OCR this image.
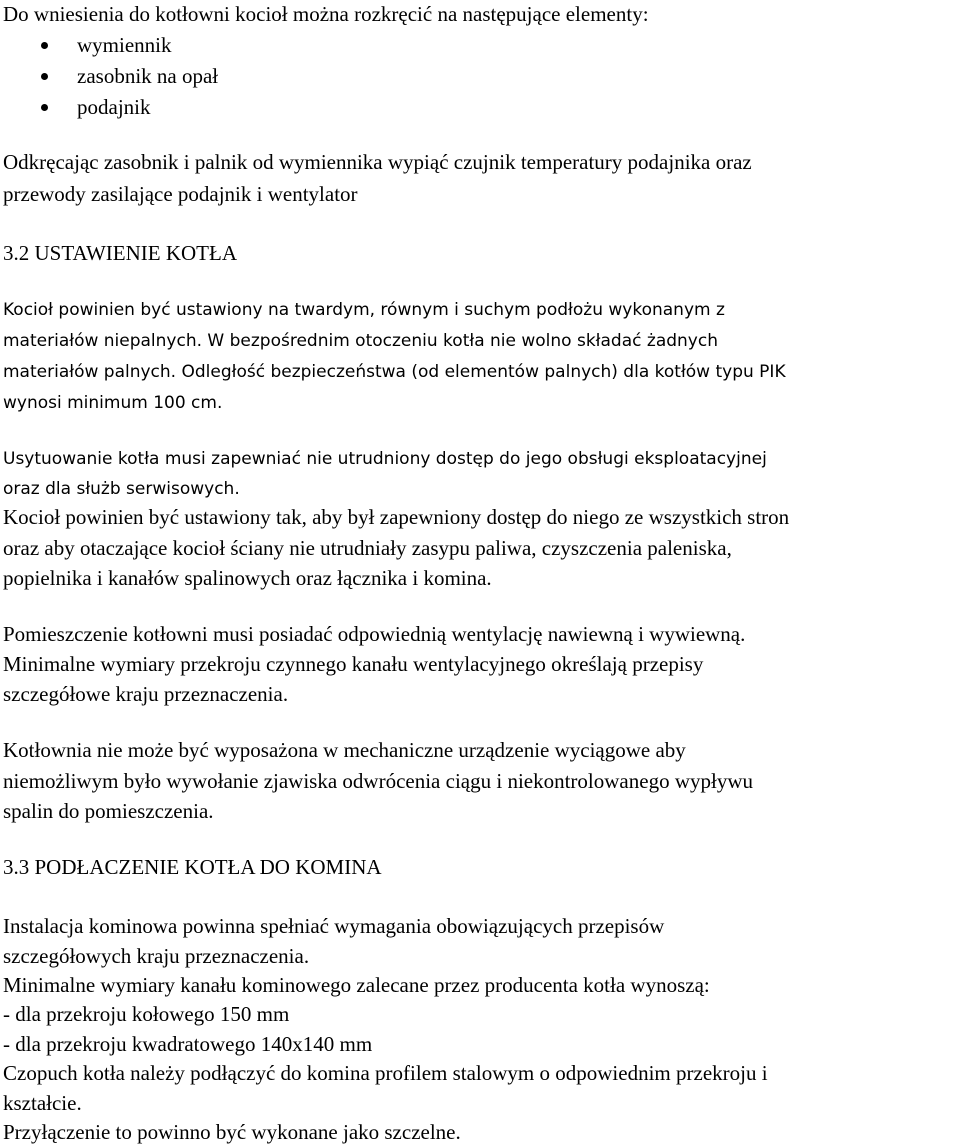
Do wniesienia do kotłowni kocioł można rozkręcić na następujące elementy:
wymiennik
zasobnik na opał
podajnik
Odkręcając zasobnik i palnik od wymiennika wypiąć czujnik temperatury podajnika oraz
przewody zasilające podajnik i wentylator
3.2 USTAWIENIE KOTŁA
Kocioł powinien być ustawiony na twardym, równym i suchym podłożu wykonanym z
materiałów niepalnych. W bezpośrednim otoczeniu kotła nie wolno składać żadnych
materiałów palnych. Odległość bezpieczeństwa (od elementów palnych) dla kotłów typu PIK
wynosi minimum 100 cm.
Usytuowanie kotła musi zapewniać nie utrudniony dostęp do jego obsługi eksploatacyjnej
oraz dla służb serwisowych.
Kocioł powinien być ustawiony tak, aby był zapewniony dostęp do niego ze wszystkich stron
oraz aby otaczające kocioł ściany nie utrudniały zasypu paliwa, czyszczenia paleniska,
popielnika i kanałów spalinowych oraz łącznika i komina.
Pomieszczenie kotłowni musi posiadać odpowiednią wentylację nawiewną i wywiewną.
Minimalne wymiary przekroju czynnego kanału wentylacyjnego określają przepisy
szczegółowe kraju przeznaczenia.
Kotłownia nie może być wyposażona w mechaniczne urządzenie wyciągowe aby
niemożliwym było wywołanie zjawiska odwrócenia ciągu i niekontrolowanego wypływu
spalin do pomieszczenia.
3.3 PODŁACZENIE KOTŁA DO KOMINA
Instalacja kominowa powinna spełniać wymagania obowiązujących przepisów
szczegółowych kraju przeznaczenia.
Minimalne wymiary kanału kominowego zalecane przez producenta kotła wynoszą:
- dla przekroju kołowego 150 mm
- dla przekroju kwadratowego 140x140 mm
Czopuch kotła należy podłączyć do komina profilem stalowym o odpowiednim przekroju i
kształcie.
Przyłączenie to powinno być wykonane jako szczelne.
